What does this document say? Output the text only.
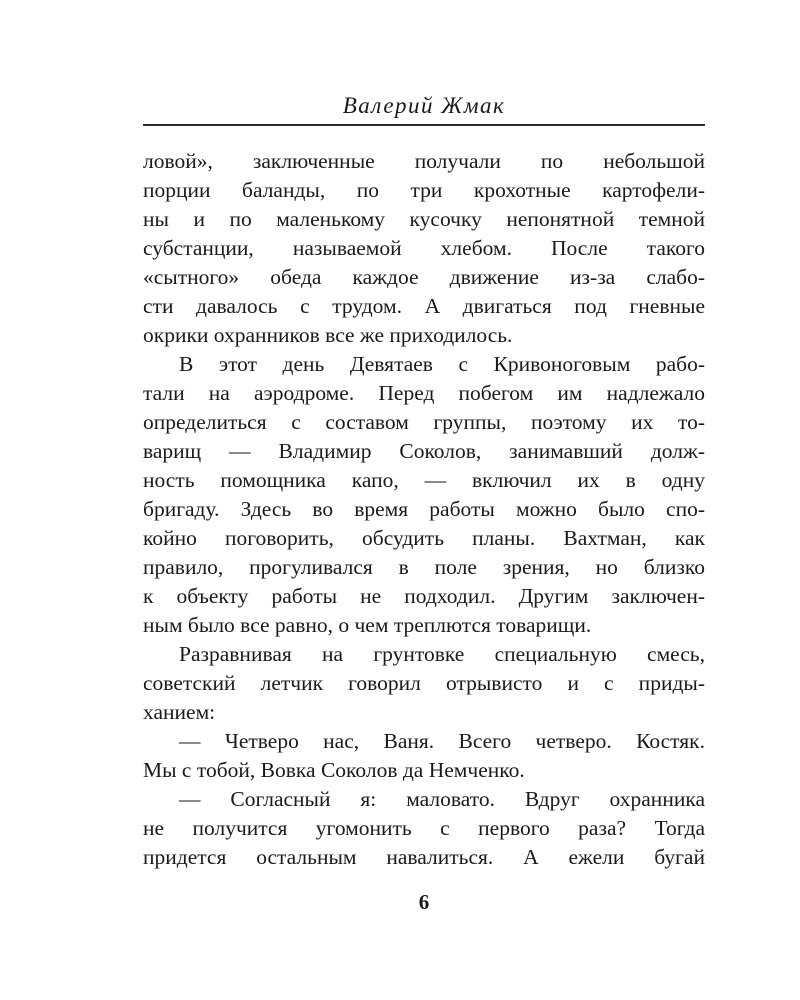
Валерий Жмак
ловой», заключенные получали по небольшой
порции баланды, по три крохотные картофели-
ны и по маленькому кусочку непонятной темной
субстанции, называемой хлебом. После такого
«сытного» обеда каждое движение из-за слабо-
сти давалось с трудом. А двигаться под гневные
окрики охранников все же приходилось.
В этот день Девятаев с Кривоноговым рабо-
тали на аэродроме. Перед побегом им надлежало
определиться с составом группы, поэтому их то-
варищ — Владимир Соколов, занимавший долж-
ность помощника капо, — включил их в одну
бригаду. Здесь во время работы можно было спо-
койно поговорить, обсудить планы. Вахтман, как
правило, прогуливался в поле зрения, но близко
к объекту работы не подходил. Другим заключен-
ным было все равно, о чем треплются товарищи.
Разравнивая на грунтовке специальную смесь,
советский летчик говорил отрывисто и с приды-
ханием:
— Четверо нас, Ваня. Всего четверо. Костяк.
Мы с тобой, Вовка Соколов да Немченко.
— Согласный я: маловато. Вдруг охранника
не получится угомонить с первого раза? Тогда
придется остальным навалиться. А ежели бугай
6
